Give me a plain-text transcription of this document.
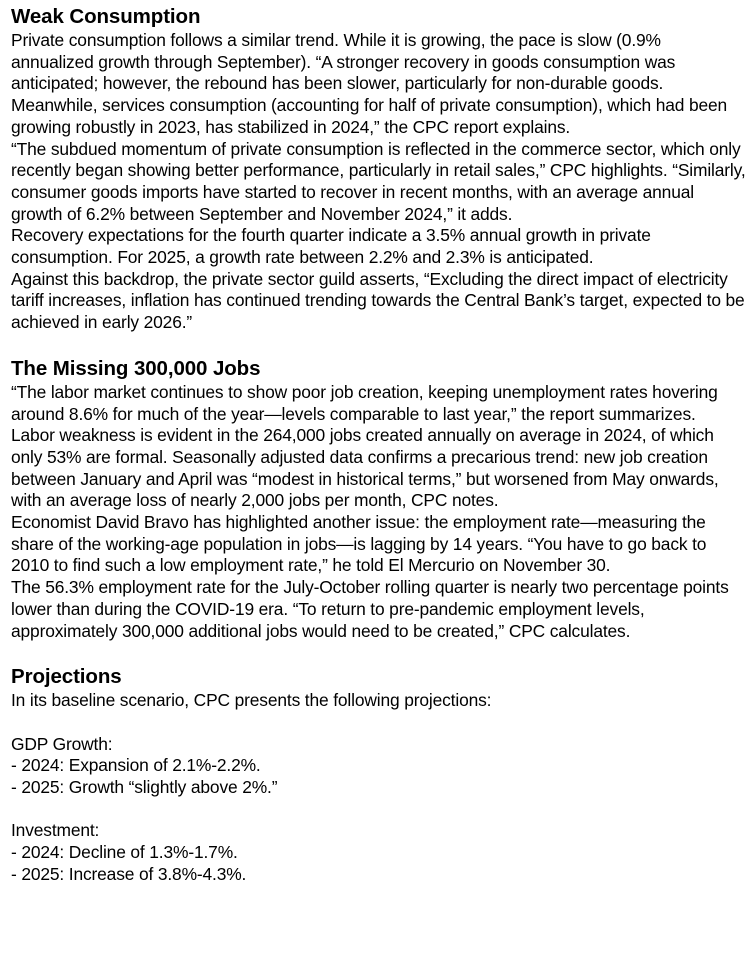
Weak Consumption

Private consumption follows a similar trend. While it is growing, the pace is slow (0.9% annualized growth through September). “A stronger recovery in goods consumption was anticipated; however, the rebound has been slower, particularly for non-durable goods. Meanwhile, services consumption (accounting for half of private consumption), which had been growing robustly in 2023, has stabilized in 2024,” the CPC report explains.

“The subdued momentum of private consumption is reflected in the commerce sector, which only recently began showing better performance, particularly in retail sales,” CPC highlights. “Similarly, consumer goods imports have started to recover in recent months, with an average annual growth of 6.2% between September and November 2024,” it adds.

Recovery expectations for the fourth quarter indicate a 3.5% annual growth in private consumption. For 2025, a growth rate between 2.2% and 2.3% is anticipated.

Against this backdrop, the private sector guild asserts, “Excluding the direct impact of electricity tariff increases, inflation has continued trending towards the Central Bank’s target, expected to be achieved in early 2026.”

The Missing 300,000 Jobs

“The labor market continues to show poor job creation, keeping unemployment rates hovering around 8.6% for much of the year—levels comparable to last year,” the report summarizes.

Labor weakness is evident in the 264,000 jobs created annually on average in 2024, of which only 53% are formal. Seasonally adjusted data confirms a precarious trend: new job creation between January and April was “modest in historical terms,” but worsened from May onwards, with an average loss of nearly 2,000 jobs per month, CPC notes.

Economist David Bravo has highlighted another issue: the employment rate—measuring the share of the working-age population in jobs—is lagging by 14 years. “You have to go back to 2010 to find such a low employment rate,” he told El Mercurio on November 30.

The 56.3% employment rate for the July-October rolling quarter is nearly two percentage points lower than during the COVID-19 era. “To return to pre-pandemic employment levels, approximately 300,000 additional jobs would need to be created,” CPC calculates.

Projections

In its baseline scenario, CPC presents the following projections:

GDP Growth:

- 2024: Expansion of 2.1%-2.2%.

- 2025: Growth “slightly above 2%.”

Investment:

- 2024: Decline of 1.3%-1.7%.

- 2025: Increase of 3.8%-4.3%.
